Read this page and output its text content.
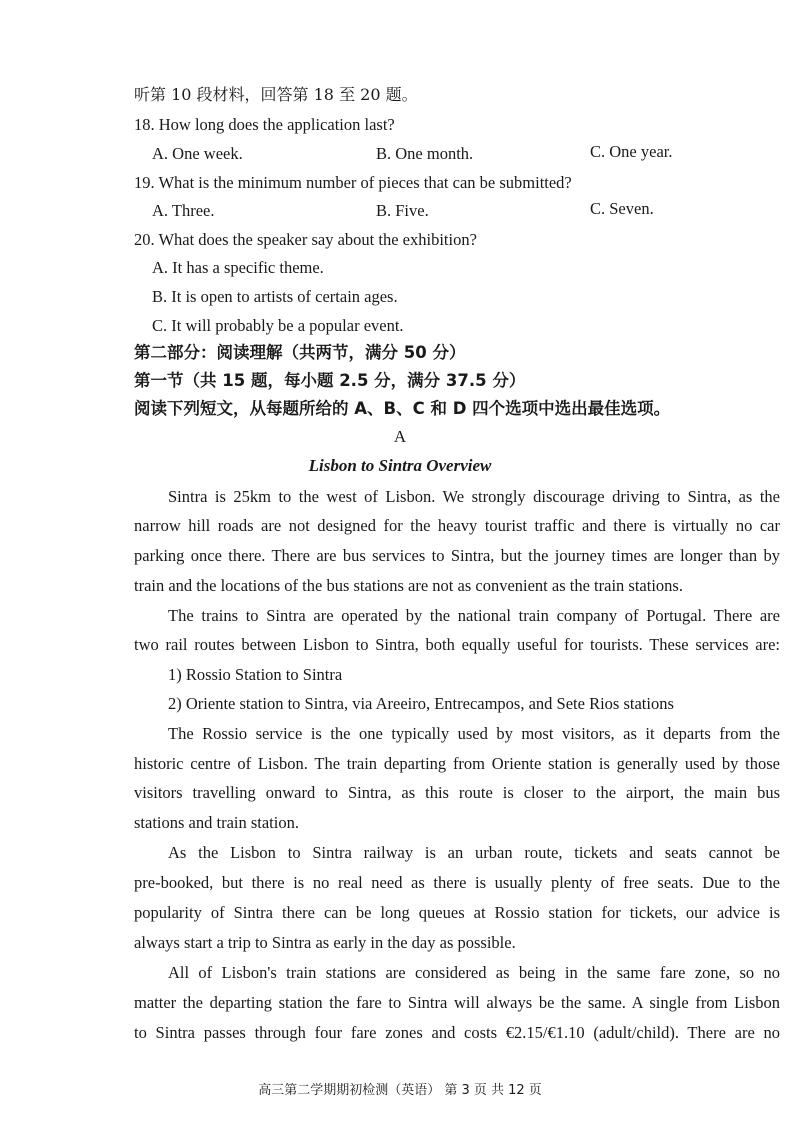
听第 10 段材料，回答第 18 至 20 题。
18. How long does the application last?
A. One week.	B. One month.	C. One year.
19. What is the minimum number of pieces that can be submitted?
A. Three.	B. Five.	C. Seven.
20. What does the speaker say about the exhibition?
A. It has a specific theme.
B. It is open to artists of certain ages.
C. It will probably be a popular event.
第二部分：阅读理解（共两节，满分 50 分）
第一节（共 15 题，每小题 2.5 分，满分 37.5 分）
阅读下列短文，从每题所给的 A、B、C 和 D 四个选项中选出最佳选项。
A
Lisbon to Sintra Overview
Sintra is 25km to the west of Lisbon. We strongly discourage driving to Sintra, as the
narrow hill roads are not designed for the heavy tourist traffic and there is virtually no car
parking once there. There are bus services to Sintra, but the journey times are longer than by
train and the locations of the bus stations are not as convenient as the train stations.
The trains to Sintra are operated by the national train company of Portugal. There are
two rail routes between Lisbon to Sintra, both equally useful for tourists. These services are:
1) Rossio Station to Sintra
2) Oriente station to Sintra, via Areeiro, Entrecampos, and Sete Rios stations
The Rossio service is the one typically used by most visitors, as it departs from the
historic centre of Lisbon. The train departing from Oriente station is generally used by those
visitors travelling onward to Sintra, as this route is closer to the airport, the main bus
stations and train station.
As the Lisbon to Sintra railway is an urban route, tickets and seats cannot be
pre-booked, but there is no real need as there is usually plenty of free seats. Due to the
popularity of Sintra there can be long queues at Rossio station for tickets, our advice is
always start a trip to Sintra as early in the day as possible.
All of Lisbon's train stations are considered as being in the same fare zone, so no
matter the departing station the fare to Sintra will always be the same. A single from Lisbon
to Sintra passes through four fare zones and costs €2.15/€1.10 (adult/child). There are no
高三第二学期期初检测（英语） 第 3 页 共 12 页
